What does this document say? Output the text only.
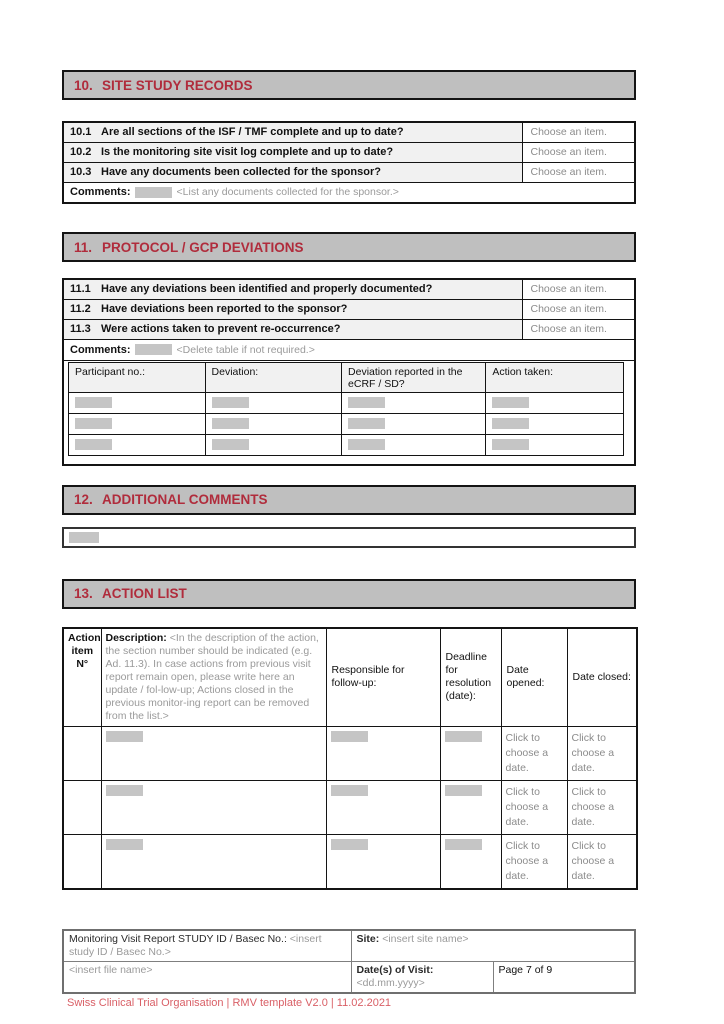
10. SITE STUDY RECORDS
10.1 Are all sections of the ISF / TMF complete and up to date?	Choose an item.
10.2 Is the monitoring site visit log complete and up to date?	Choose an item.
10.3 Have any documents been collected for the sponsor?	Choose an item.
Comments: <List any documents collected for the sponsor.>	
11. PROTOCOL / GCP DEVIATIONS
11.1 Have any deviations been identified and properly documented?	Choose an item.
11.2 Have deviations been reported to the sponsor?	Choose an item.
11.3 Were actions taken to prevent re-occurrence?	Choose an item.
Comments:	<Delete table if not required.>

Participant no.:	Deviation:	Deviation reported in the eCRF / SD?	Action taken:

12. ADDITIONAL COMMENTS
13. ACTION LIST
Action item N°	Description: <In the description of the action, the section number should be indicated (e.g. Ad. 11.3). In case actions from previous visit report remain open, please write here an update / fol-low-up; Actions closed in the previous monitor-ing report can be removed from the list.>	Responsible for follow-up:	Deadline for resolution (date):	Date opened:	Date closed:
				Click to choose a date.	Click to choose a date.
				Click to choose a date.	Click to choose a date.
				Click to choose a date.	Click to choose a date.
Monitoring Visit Report STUDY ID / Basec No.: <insert study ID / Basec No.>	Site: <insert site name>	
<insert file name>	Date(s) of Visit: <dd.mm.yyyy>	Page 7 of 9
Swiss Clinical Trial Organisation | RMV template V2.0 | 11.02.2021
